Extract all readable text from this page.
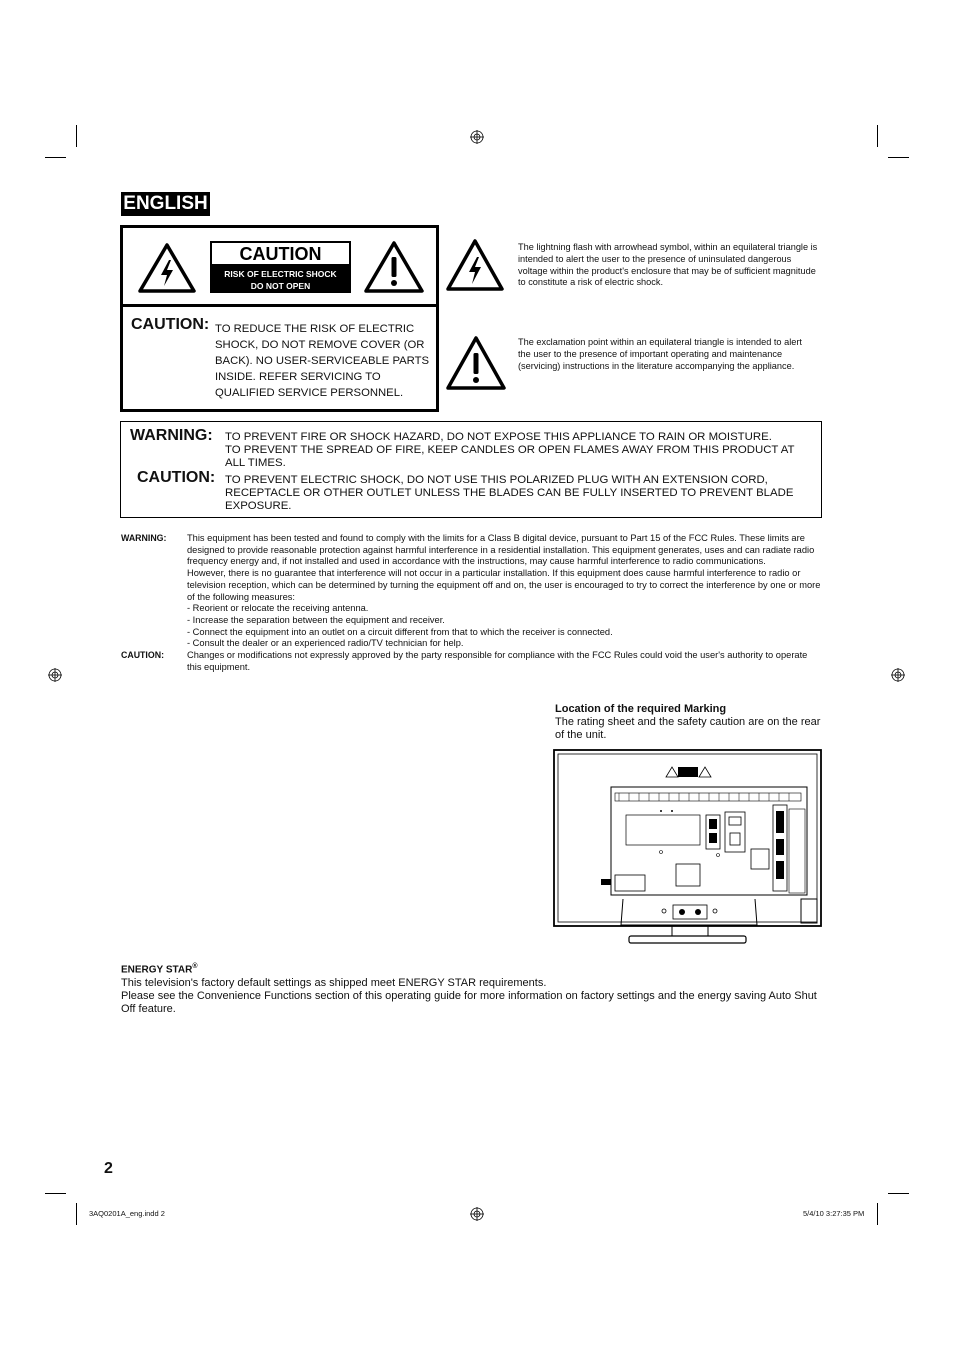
ENGLISH
CAUTION
RISK OF ELECTRIC SHOCK
DO NOT OPEN
CAUTION: TO REDUCE THE RISK OF ELECTRIC SHOCK, DO NOT REMOVE COVER (OR BACK). NO USER-SERVICEABLE PARTS INSIDE. REFER SERVICING TO QUALIFIED SERVICE PERSONNEL.
The lightning flash with arrowhead symbol, within an equilateral triangle is intended to alert the user to the presence of uninsulated dangerous voltage within the product's enclosure that may be of sufficient magnitude to constitute a risk of electric shock.
The exclamation point within an equilateral triangle is intended to alert the user to the presence of important operating and maintenance (servicing) instructions in the literature accompanying the appliance.
WARNING: TO PREVENT FIRE OR SHOCK HAZARD, DO NOT EXPOSE THIS APPLIANCE TO RAIN OR MOISTURE.
TO PREVENT THE SPREAD OF FIRE, KEEP CANDLES OR OPEN FLAMES AWAY FROM THIS PRODUCT AT ALL TIMES.
CAUTION: TO PREVENT ELECTRIC SHOCK, DO NOT USE THIS POLARIZED PLUG WITH AN EXTENSION CORD, RECEPTACLE OR OTHER OUTLET UNLESS THE BLADES CAN BE FULLY INSERTED TO PREVENT BLADE EXPOSURE.
WARNING:	This equipment has been tested and found to comply with the limits for a Class B digital device, pursuant to Part 15 of the FCC Rules. These limits are designed to provide reasonable protection against harmful interference in a residential installation. This equipment generates, uses and can radiate radio frequency energy and, if not installed and used in accordance with the instructions, may cause harmful interference to radio communications.

However, there is no guarantee that interference will not occur in a particular installation. If this equipment does cause harmful interference to radio or television reception, which can be determined by turning the equipment off and on, the user is encouraged to try to correct the interference by one or more of the following measures:

- Reorient or relocate the receiving antenna.

- Increase the separation between the equipment and receiver.

- Connect the equipment into an outlet on a circuit different from that to which the receiver is connected.

- Consult the dealer or an experienced radio/TV technician for help.

CAUTION:	Changes or modifications not expressly approved by the party responsible for compliance with the FCC Rules could void the user's authority to operate this equipment.

Location of the required Marking
The rating sheet and the safety caution are on the rear of the unit.

ENERGY STAR®

This television's factory default settings as shipped meet ENERGY STAR requirements.

Please see the Convenience Functions section of this operating guide for more information on factory settings and the energy saving Auto Shut Off feature.

2
3AQ0201A_eng.indd 2	5/4/10 3:27:35 PM
